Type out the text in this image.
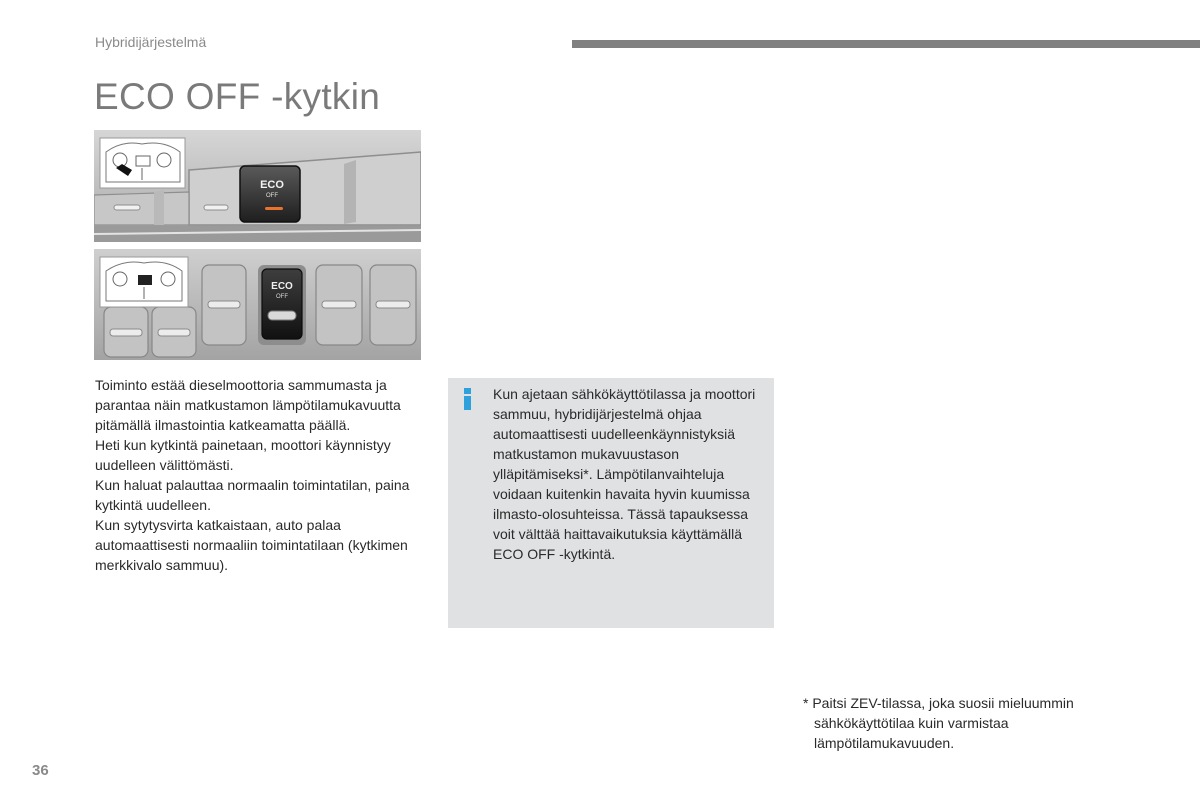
Hybridijärjestelmä
ECO OFF -kytkin
ECO
OFF
ECO
OFF

Toiminto estää dieselmoottoria sammumasta ja parantaa näin matkustamon lämpötilamukavuutta pitämällä ilmastointia katkeamatta päällä.

Heti kun kytkintä painetaan, moottori käynnistyy uudelleen välittömästi.

Kun haluat palauttaa normaalin toimintatilan, paina kytkintä uudelleen.

Kun sytytysvirta katkaistaan, auto palaa automaattisesti normaaliin toimintatilaan (kytkimen merkkivalo sammuu).

Kun ajetaan sähkökäyttötilassa ja moottori sammuu, hybridijärjestelmä ohjaa automaattisesti uudelleenkäynnistyksiä matkustamon mukavuustason ylläpitämiseksi*. Lämpötilanvaihteluja voidaan kuitenkin havaita hyvin kuumissa ilmasto-olosuhteissa. Tässä tapauksessa voit välttää haittavaikutuksia käyttämällä ECO OFF -kytkintä.

* Paitsi ZEV-tilassa, joka suosii mieluummin sähkökäyttötilaa kuin varmistaa lämpötilamukavuuden.

36
